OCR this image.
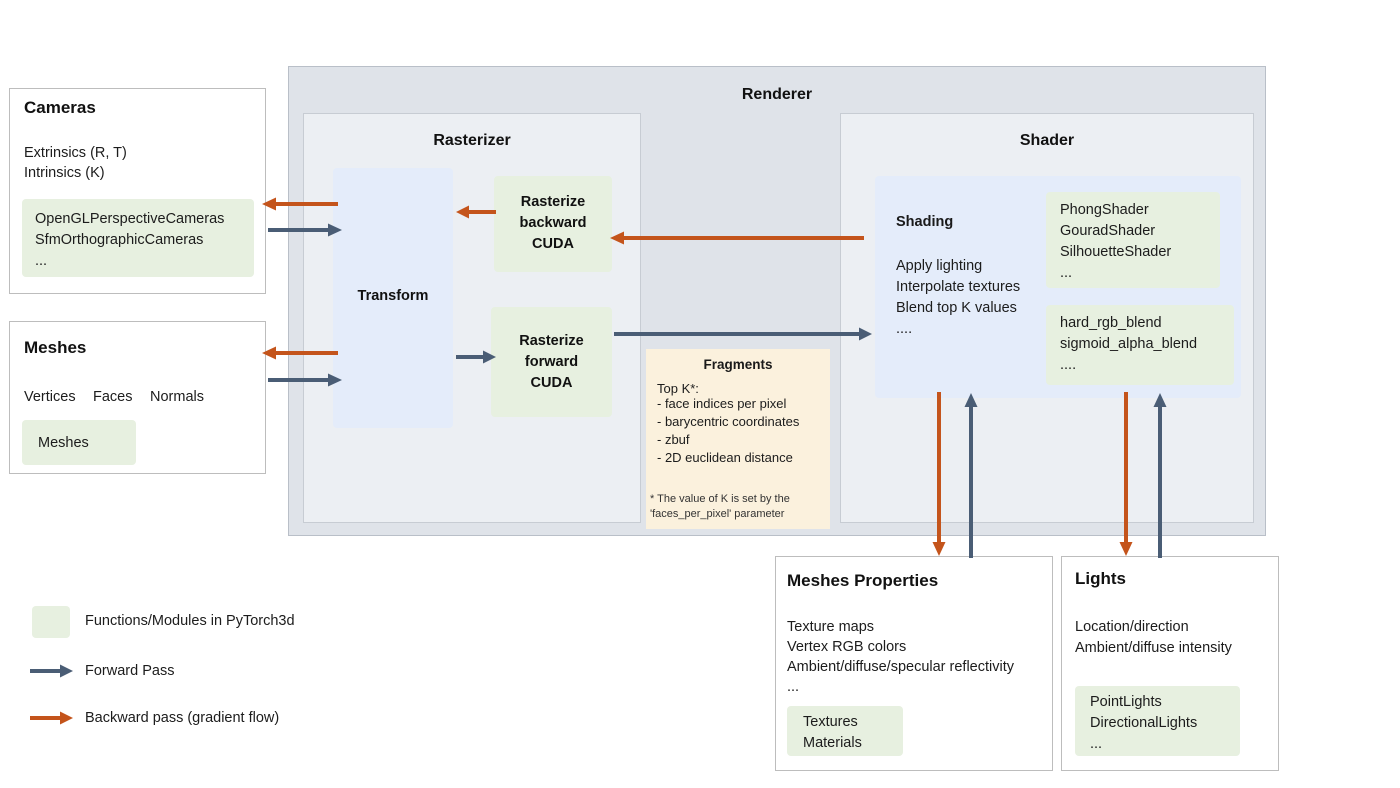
Renderer
Rasterizer
Transform
Rasterize
backward
CUDA
Rasterize
forward
CUDA
Fragments
Top K*:
- face indices per pixel
- barycentric coordinates
- zbuf
- 2D euclidean distance
* The value of K is set by the
'faces_per_pixel' parameter
Shader
Shading
Apply lighting
Interpolate textures
Blend top K values
....
PhongShader
GouradShader
SilhouetteShader
...
hard_rgb_blend
sigmoid_alpha_blend
....
Cameras
Extrinsics (R, T)
Intrinsics (K)
OpenGLPerspectiveCameras
SfmOrthographicCameras
...
Meshes
Vertices	Faces	Normals
Meshes
Meshes Properties
Texture maps
Vertex RGB colors
Ambient/diffuse/specular reflectivity
...
Textures
Materials
Lights
Location/direction
Ambient/diffuse intensity
PointLights
DirectionalLights
...
Functions/Modules in PyTorch3d
Forward Pass
Backward pass (gradient flow)
